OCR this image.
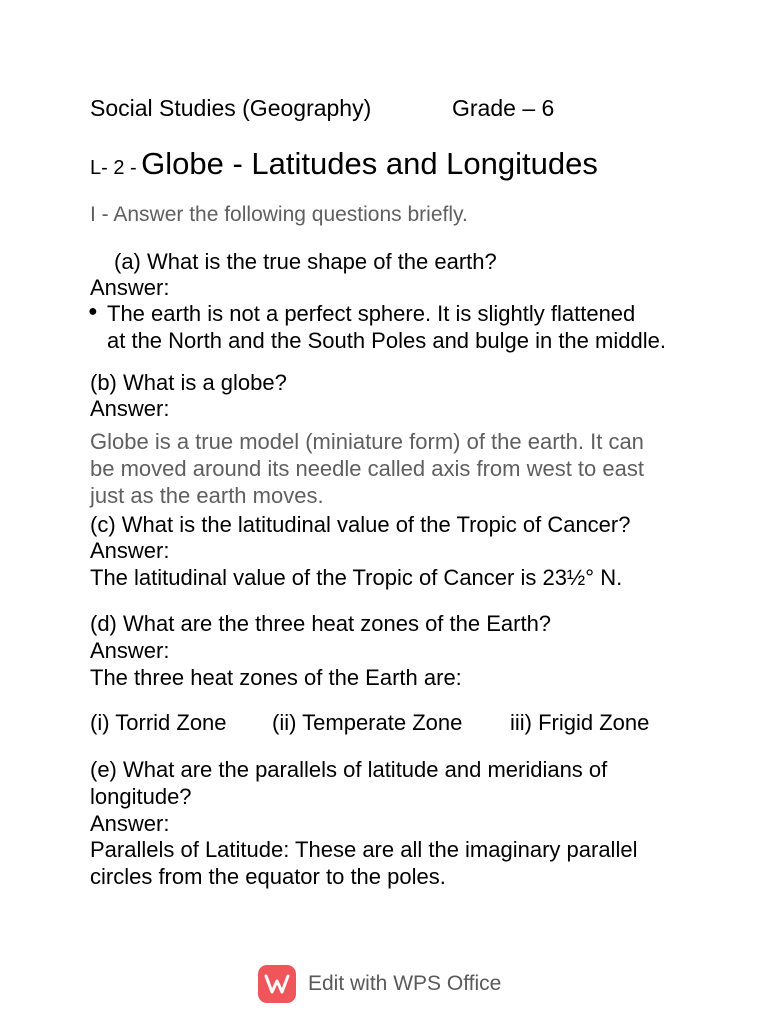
Social Studies (Geography)	Grade – 6
L- 2 - Globe - Latitudes and Longitudes
I - Answer the following questions briefly.
(a) What is the true shape of the earth?
Answer:
● The earth is not a perfect sphere. It is slightly flattened
at the North and the South Poles and bulge in the middle.
(b) What is a globe?
Answer:
Globe is a true model (miniature form) of the earth. It can
be moved around its needle called axis from west to east
just as the earth moves.
(c) What is the latitudinal value of the Tropic of Cancer?
Answer:
The latitudinal value of the Tropic of Cancer is 23½° N.
(d) What are the three heat zones of the Earth?
Answer:
The three heat zones of the Earth are:
(i) Torrid Zone (ii) Temperate Zone iii) Frigid Zone
(e) What are the parallels of latitude and meridians of
longitude?
Answer:
Parallels of Latitude: These are all the imaginary parallel
circles from the equator to the poles.
Edit with WPS Office
